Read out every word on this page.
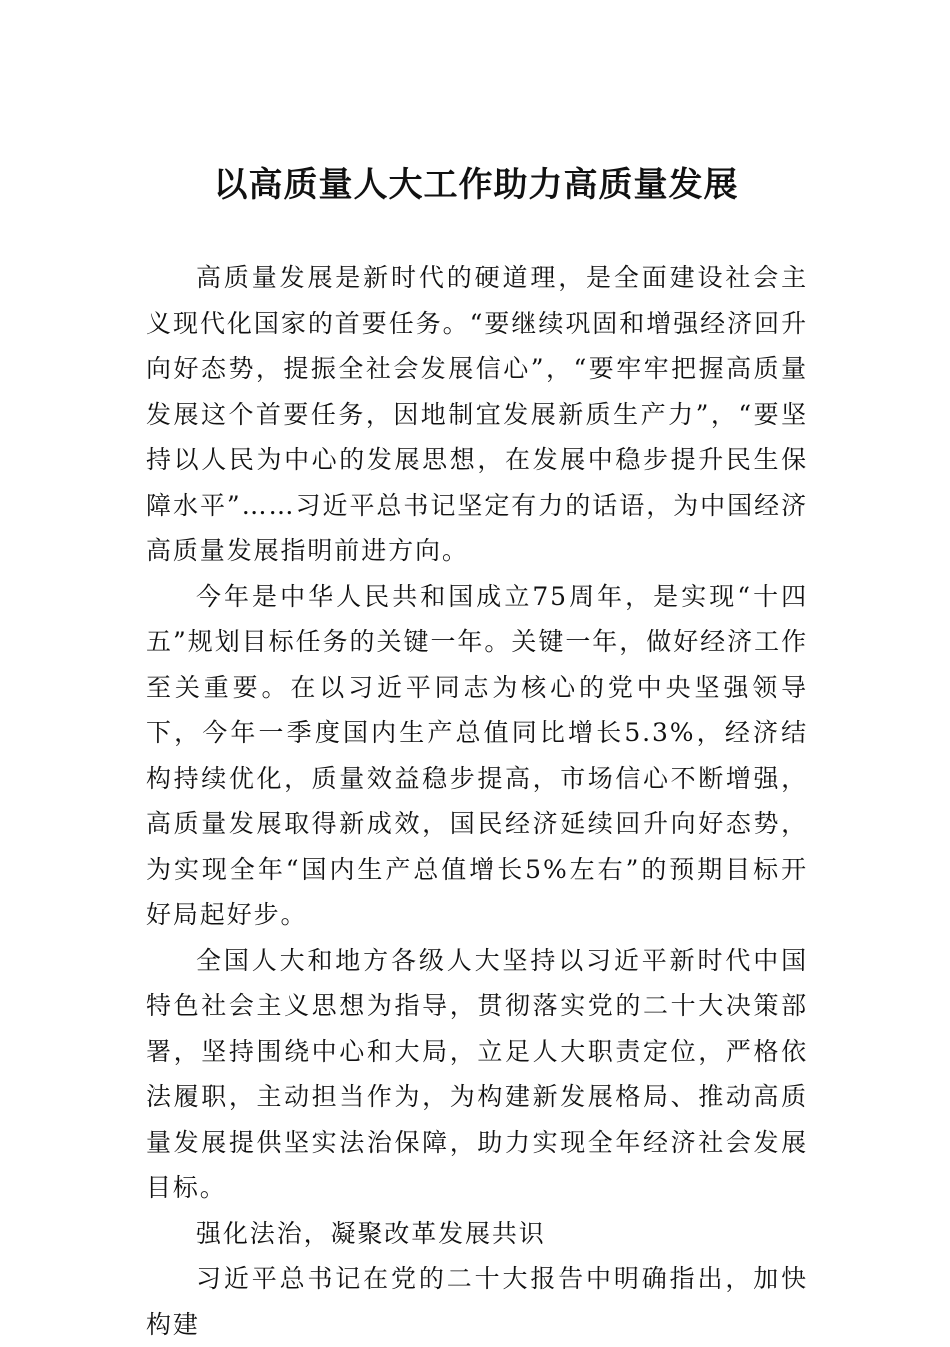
以高质量人大工作助力高质量发展

高质量发展是新时代的硬道理，是全面建设社会主义现代化国家的首要任务。“要继续巩固和增强经济回升向好态势，提振全社会发展信心”，“要牢牢把握高质量发展这个首要任务，因地制宜发展新质生产力”，“要坚持以人民为中心的发展思想，在发展中稳步提升民生保障水平”……习近平总书记坚定有力的话语，为中国经济高质量发展指明前进方向。

今年是中华人民共和国成立75周年，是实现“十四五”规划目标任务的关键一年。关键一年，做好经济工作至关重要。在以习近平同志为核心的党中央坚强领导下，今年一季度国内生产总值同比增长5.3%，经济结构持续优化，质量效益稳步提高，市场信心不断增强，高质量发展取得新成效，国民经济延续回升向好态势，为实现全年“国内生产总值增长5%左右”的预期目标开好局起好步。

全国人大和地方各级人大坚持以习近平新时代中国特色社会主义思想为指导，贯彻落实党的二十大决策部署，坚持围绕中心和大局，立足人大职责定位，严格依法履职，主动担当作为，为构建新发展格局、推动高质量发展提供坚实法治保障，助力实现全年经济社会发展目标。

强化法治，凝聚改革发展共识

习近平总书记在党的二十大报告中明确指出，加快构建
